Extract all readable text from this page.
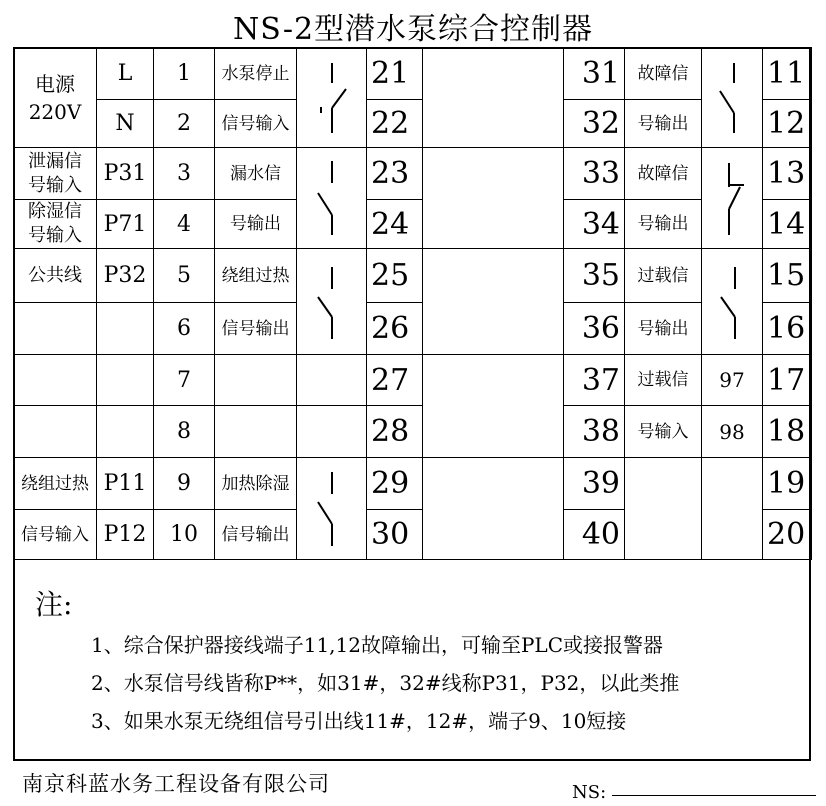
NS-2型潜水泵综合控制器
电源
220V	L	1	水泵停止		21		31	故障信		11
	N	2	信号输入		22		32	号输出		12
泄漏信
号输入	P31	3	漏水信		23		33	故障信		13
除湿信
号输入	P71	4	号输出		24		34	号输出		14
公共线	P32	5	绕组过热		25		35	过载信		15
		6	信号输出		26		36	号输出		16
		7			27		37	过载信	97	17
		8			28		38	号输入	98	18
绕组过热	P11	9	加热除湿		29		39			19
信号输入	P12	10	信号输出		30		40			20
注:
1、综合保护器接线端子11,12故障输出，可输至PLC或接报警器
2、水泵信号线皆称P**，如31#，32#线称P31，P32，以此类推
3、如果水泵无绕组信号引出线11#，12#，端子9、10短接
南京科蓝水务工程设备有限公司	NS:
